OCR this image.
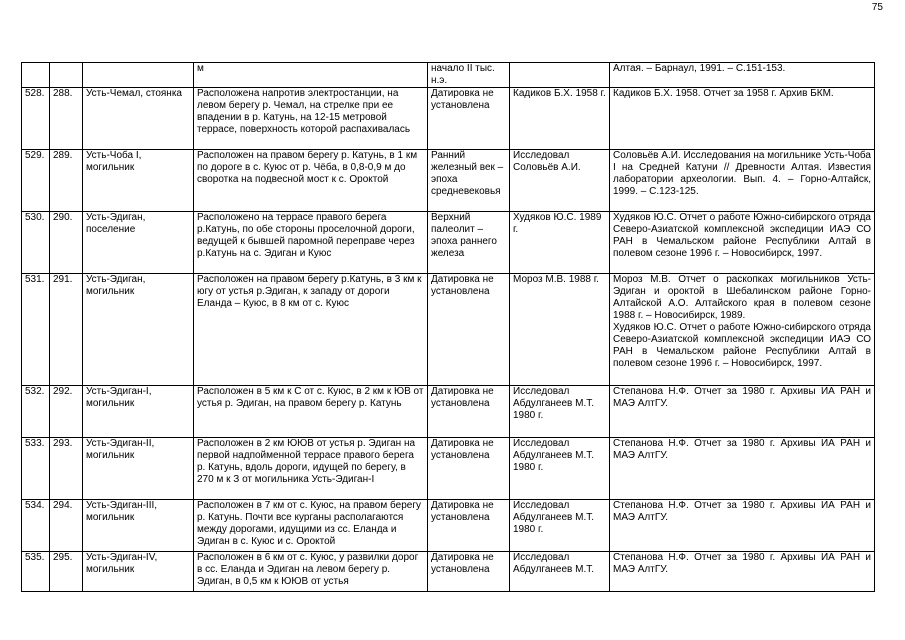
75
			м	начало II тыс. н.э.		Алтая. – Барнаул, 1991. – С.151-153.
528.	288.	Усть-Чемал, стоянка	Расположена напротив электростанции, на левом берегу р. Чемал, на стрелке при ее впадении в р. Катунь, на 12-15 метровой террасе, поверхность которой распахивалась	Датировка не установлена	Кадиков Б.Х. 1958 г.	Кадиков Б.Х. 1958. Отчет за 1958 г. Архив БКМ.
529.	289.	Усть-Чоба I, могильник	Расположен на правом берегу р. Катунь, в 1 км по дороге в с. Куюс от р. Чёба, в 0,8-0,9 м до своротка на подвесной мост к с. Ороктой	Ранний железный век – эпоха средневековья	Исследовал Соловьёв А.И.	Соловьёв А.И. Исследования на могильнике Усть-Чоба I на Средней Катуни // Древности Алтая. Известия лаборатории археологии. Вып. 4. – Горно-Алтайск, 1999. – С.123-125.
530.	290.	Усть-Эдиган, поселение	Расположено на террасе правого берега р.Катунь, по обе стороны проселочной дороги, ведущей к бывшей паромной переправе через р.Катунь на с. Эдиган и Куюс	Верхний палеолит – эпоха раннего железа	Худяков Ю.С. 1989 г.	Худяков Ю.С. Отчет о работе Южно-сибирского отряда Северо-Азиатской комплексной экспедиции ИАЭ СО РАН в Чемальском районе Республики Алтай в полевом сезоне 1996 г. – Новосибирск, 1997.
531.	291.	Усть-Эдиган, могильник	Расположен на правом берегу р.Катунь, в 3 км к югу от устья р.Эдиган, к западу от дороги Еланда – Куюс, в 8 км от с. Куюс	Датировка не установлена	Мороз М.В. 1988 г.	Мороз М.В. Отчет о раскопках могильников Усть-Эдиган и ороктой в Шебалинском районе Горно-Алтайской А.О. Алтайского края в полевом сезоне 1988 г. – Новосибирск, 1989.
Худяков Ю.С. Отчет о работе Южно-сибирского отряда Северо-Азиатской комплексной экспедиции ИАЭ СО РАН в Чемальском районе Республики Алтай в полевом сезоне 1996 г. – Новосибирск, 1997.

532.	292.	Усть-Эдиган-I, могильник	Расположен в 5 км к С от с. Куюс, в 2 км к ЮВ от устья р. Эдиган, на правом берегу р. Катунь	Датировка не установлена	Исследовал Абдулганеев М.Т. 1980 г.	Степанова Н.Ф. Отчет за 1980 г. Архивы ИА РАН и МАЭ АлтГУ.
533.	293.	Усть-Эдиган-II, могильник	Расположен в 2 км ЮЮВ от устья р. Эдиган на первой надпойменной террасе правого берега р. Катунь, вдоль дороги, идущей по берегу, в 270 м к З от могильника Усть-Эдиган-I	Датировка не установлена	Исследовал Абдулганеев М.Т. 1980 г.	Степанова Н.Ф. Отчет за 1980 г. Архивы ИА РАН и МАЭ АлтГУ.
534.	294.	Усть-Эдиган-III, могильник	Расположен в 7 км от с. Куюс, на правом берегу р. Катунь. Почти все курганы располагаются между дорогами, идущими из сс. Еланда и Эдиган в с. Куюс и с. Ороктой	Датировка не установлена	Исследовал Абдулганеев М.Т. 1980 г.	Степанова Н.Ф. Отчет за 1980 г. Архивы ИА РАН и МАЭ АлтГУ.
535.	295.	Усть-Эдиган-IV, могильник	Расположен в 6 км от с. Куюс, у развилки дорог в сс. Еланда и Эдиган на левом берегу р. Эдиган, в 0,5 км к ЮЮВ от устья	Датировка не установлена	Исследовал Абдулганеев М.Т.	Степанова Н.Ф. Отчет за 1980 г. Архивы ИА РАН и МАЭ АлтГУ.
